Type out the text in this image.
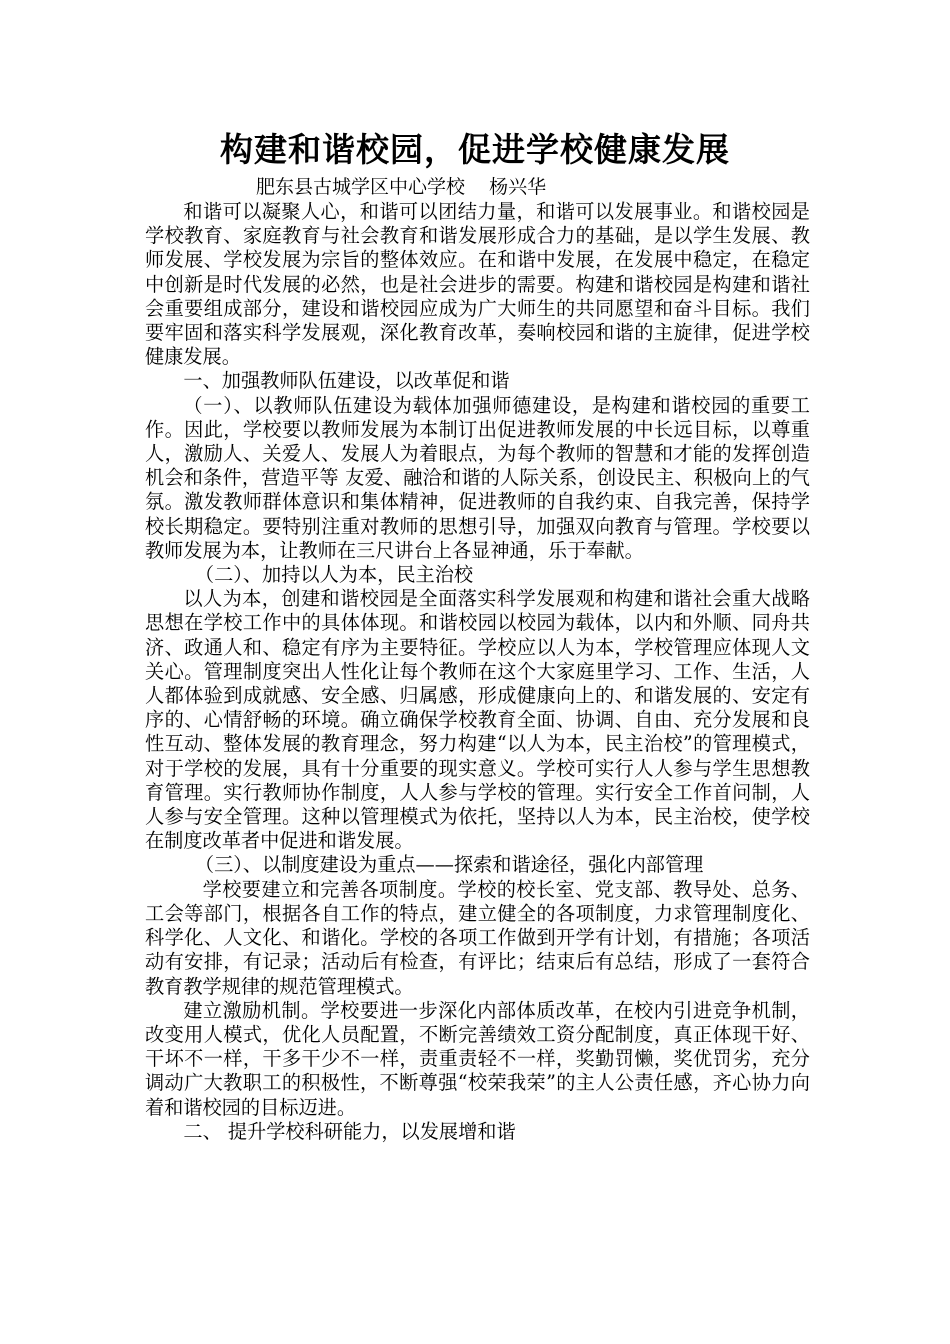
构建和谐校园，促进学校健康发展
肥东县古城学区中心学校    杨兴华

和谐可以凝聚人心，和谐可以团结力量，和谐可以发展事业。和谐校园是学校教育、家庭教育与社会教育和谐发展形成合力的基础，是以学生发展、教师发展、学校发展为宗旨的整体效应。在和谐中发展，在发展中稳定，在稳定中创新是时代发展的必然，也是社会进步的需要。构建和谐校园是构建和谐社会重要组成部分，建设和谐校园应成为广大师生的共同愿望和奋斗目标。我们要牢固和落实科学发展观，深化教育改革，奏响校园和谐的主旋律，促进学校健康发展。

一、加强教师队伍建设，以改革促和谐

（一）、以教师队伍建设为载体加强师德建设，是构建和谐校园的重要工作。因此，学校要以教师发展为本制订出促进教师发展的中长远目标，以尊重人，激励人、关爱人、发展人为着眼点，为每个教师的智慧和才能的发挥创造机会和条件，营造平等 友爱、融洽和谐的人际关系，创设民主、积极向上的气氛。激发教师群体意识和集体精神，促进教师的自我约束、自我完善，保持学校长期稳定。要特别注重对教师的思想引导，加强双向教育与管理。学校要以教师发展为本，让教师在三尺讲台上各显神通，乐于奉献。

（二）、加持以人为本，民主治校

以人为本，创建和谐校园是全面落实科学发展观和构建和谐社会重大战略思想在学校工作中的具体体现。和谐校园以校园为载体，以内和外顺、同舟共济、政通人和、稳定有序为主要特征。学校应以人为本，学校管理应体现人文关心。管理制度突出人性化让每个教师在这个大家庭里学习、工作、生活，人人都体验到成就感、安全感、归属感，形成健康向上的、和谐发展的、安定有序的、心情舒畅的环境。确立确保学校教育全面、协调、自由、充分发展和良性互动、整体发展的教育理念，努力构建“以人为本，民主治校”的管理模式，对于学校的发展，具有十分重要的现实意义。学校可实行人人参与学生思想教育管理。实行教师协作制度，人人参与学校的管理。实行安全工作首问制，人人参与安全管理。这种以管理模式为依托，坚持以人为本，民主治校，使学校在制度改革者中促进和谐发展。

（三）、以制度建设为重点——探索和谐途径，强化内部管理

学校要建立和完善各项制度。学校的校长室、党支部、教导处、总务、工会等部门，根据各自工作的特点，建立健全的各项制度，力求管理制度化、科学化、人文化、和谐化。学校的各项工作做到开学有计划，有措施；各项活动有安排，有记录；活动后有检查，有评比；结束后有总结，形成了一套符合教育教学规律的规范管理模式。

建立激励机制。学校要进一步深化内部体质改革，在校内引进竞争机制，改变用人模式，优化人员配置，不断完善绩效工资分配制度，真正体现干好、干坏不一样，干多干少不一样，责重责轻不一样，奖勤罚懒，奖优罚劣，充分调动广大教职工的积极性，不断尊强“校荣我荣”的主人公责任感，齐心协力向着和谐校园的目标迈进。

二、 提升学校科研能力，以发展增和谐
